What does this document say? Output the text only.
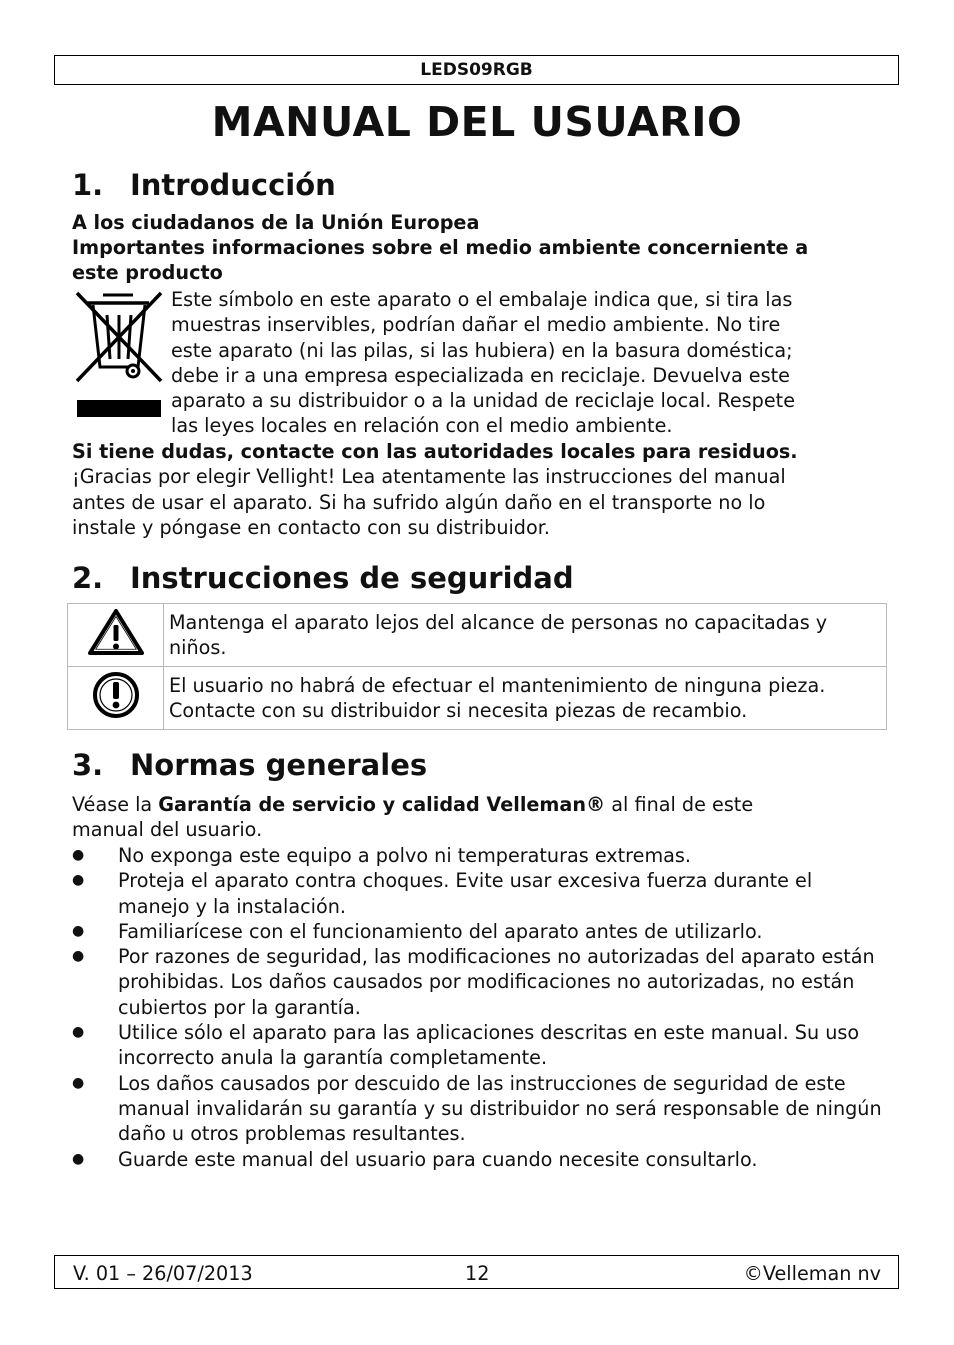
LEDS09RGB
MANUAL DEL USUARIO
1. Introducción

A los ciudadanos de la Unión Europea

Importantes informaciones sobre el medio ambiente concerniente a

este producto

Este símbolo en este aparato o el embalaje indica que, si tira las

muestras inservibles, podrían dañar el medio ambiente. No tire

este aparato (ni las pilas, si las hubiera) en la basura doméstica;

debe ir a una empresa especializada en reciclaje. Devuelva este

aparato a su distribuidor o a la unidad de reciclaje local. Respete

las leyes locales en relación con el medio ambiente.

Si tiene dudas, contacte con las autoridades locales para residuos.

¡Gracias por elegir Vellight! Lea atentamente las instrucciones del manual

antes de usar el aparato. Si ha sufrido algún daño en el transporte no lo

instale y póngase en contacto con su distribuidor.

2. Instrucciones de seguridad
	Mantenga el aparato lejos del alcance de personas no capacitadas y niños.
	El usuario no habrá de efectuar el mantenimiento de ninguna pieza. Contacte con su distribuidor si necesita piezas de recambio.
3. Normas generales

Véase la Garantía de servicio y calidad Velleman® al final de este

manual del usuario.

● No exponga este equipo a polvo ni temperaturas extremas.
● Proteja el aparato contra choques. Evite usar excesiva fuerza durante el manejo y la instalación.
● Familiarícese con el funcionamiento del aparato antes de utilizarlo.
● Por razones de seguridad, las modificaciones no autorizadas del aparato están prohibidas. Los daños causados por modificaciones no autorizadas, no están cubiertos por la garantía.
● Utilice sólo el aparato para las aplicaciones descritas en este manual. Su uso incorrecto anula la garantía completamente.
● Los daños causados por descuido de las instrucciones de seguridad de este manual invalidarán su garantía y su distribuidor no será responsable de ningún daño u otros problemas resultantes.
● Guarde este manual del usuario para cuando necesite consultarlo.
V. 01 – 26/07/2013	12	©Velleman nv
